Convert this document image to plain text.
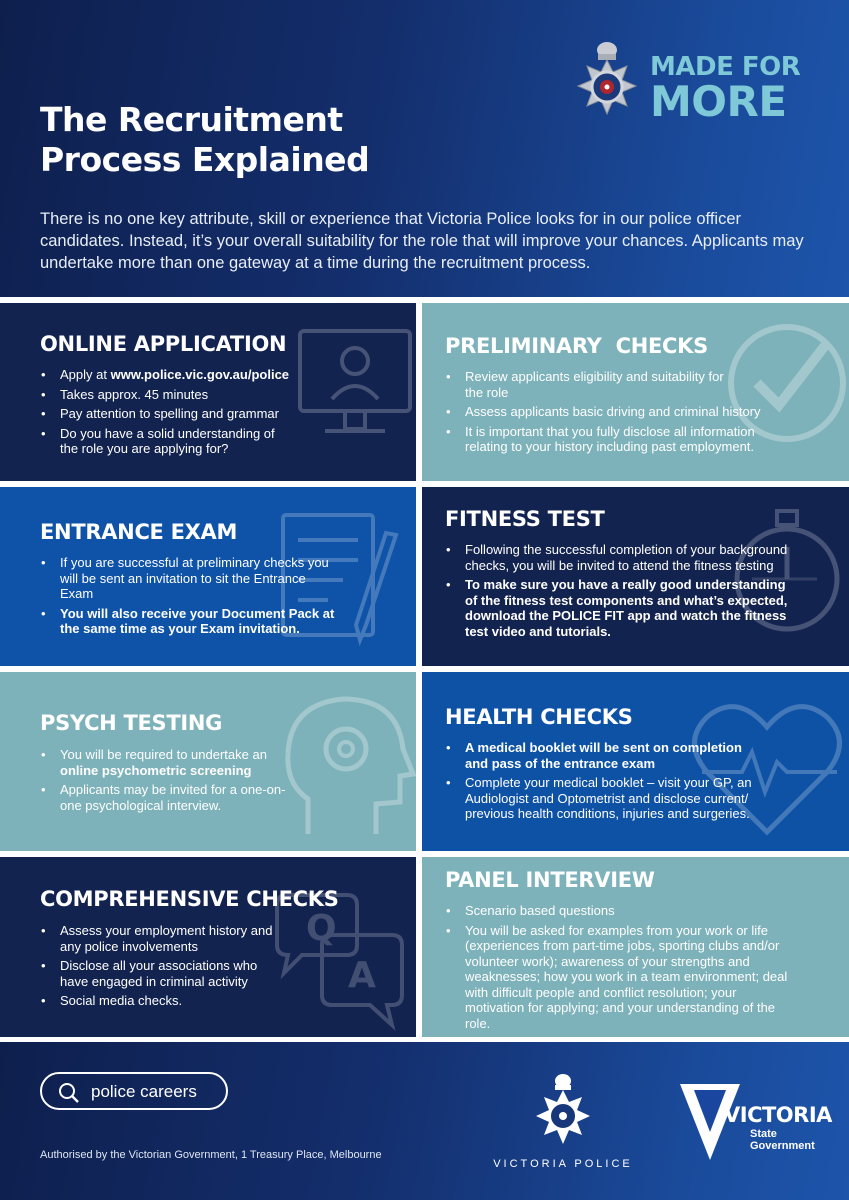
The Recruitment
Process Explained

There is no one key attribute, skill or experience that Victoria Police looks for in our police officer candidates. Instead, it’s your overall suitability for the role that will improve your chances. Applicants may undertake more than one gateway at a time during the recruitment process.

MADE FOR
MORE
ONLINE APPLICATION
• Apply at www.police.vic.gov.au/police
• Takes approx. 45 minutes
• Pay attention to spelling and grammar
• Do you have a solid understanding of the role you are applying for?
PRELIMINARY  CHECKS
• Review applicants eligibility and suitability for the role
• Assess applicants basic driving and criminal history
• It is important that you fully disclose all information relating to your history including past employment.
ENTRANCE EXAM
• If you are successful at preliminary checks you will be sent an invitation to sit the Entrance Exam
• You will also receive your Document Pack at the same time as your Exam invitation.
FITNESS TEST
• Following the successful completion of your background checks, you will be invited to attend the fitness testing
• To make sure you have a really good understanding of the fitness test components and what’s expected, download the POLICE FIT app and watch the fitness test video and tutorials.
PSYCH TESTING
• You will be required to undertake an online psychometric screening
• Applicants may be invited for a one-on-one psychological interview.
HEALTH CHECKS
• A medical booklet will be sent on completion and pass of the entrance exam
• Complete your medical booklet – visit your GP, an Audiologist and Optometrist and disclose current/ previous health conditions, injuries and surgeries.
Q
A
COMPREHENSIVE CHECKS
• Assess your employment history and any police involvements
• Disclose all your associations who have engaged in criminal activity
• Social media checks.
PANEL INTERVIEW
• Scenario based questions
• You will be asked for examples from your work or life (experiences from part-time jobs, sporting clubs and/or volunteer work); awareness of your strengths and weaknesses; how you work in a team environment; deal with difficult people and conflict resolution; your motivation for applying; and your understanding of the role.
police careers
Authorised by the Victorian Government, 1 Treasury Place, Melbourne
VICTORIA POLICE
VICTORIA
State
Government
